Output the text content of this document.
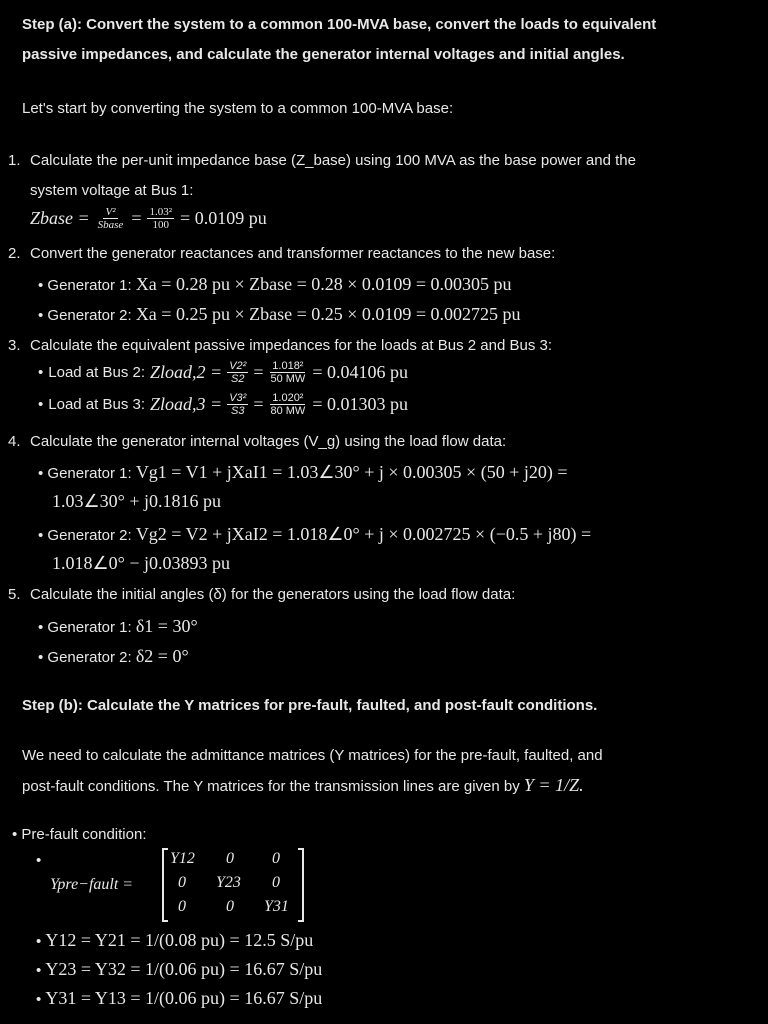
Step (a): Convert the system to a common 100-MVA base, convert the loads to equivalent
passive impedances, and calculate the generator internal voltages and initial angles.
Let's start by converting the system to a common 100-MVA base:
1. Calculate the per-unit impedance base (Z_base) using 100 MVA as the base power and the
system voltage at Bus 1:
Zbase = $\frac{\text{V²}}{\text{Sbase}} = \frac{\text{1.03²}}{100} = 0.0109$ pu
2. Convert the generator reactances and transformer reactances to the new base:
• Generator 1: Xa = 0.28 pu × Zbase = 0.28 × 0.0109 = 0.00305 pu
• Generator 2: Xa = 0.25 pu × Zbase = 0.25 × 0.0109 = 0.002725 pu
3. Calculate the equivalent passive impedances for the loads at Bus 2 and Bus 3:
• Load at Bus 2: Zload,2 = $\frac{\text{V2²}}{S2} = \frac{\text{1.018²}}{50 MW} = 0.04106$ pu
• Load at Bus 3: Zload,3 = $\frac{\text{V3²}}{S3} = \frac{\text{1.020²}}{80 MW} = 0.01303$ pu
4. Calculate the generator internal voltages (V_g) using the load flow data:
• Generator 1: Vg1 = V1 + jXaI1 = 1.03∠30° + j × 0.00305 × (50 + j20) =
1.03∠30° + j0.1816 pu
• Generator 2: Vg2 = V2 + jXaI2 = 1.018∠0° + j × 0.002725 × (−0.5 + j80) =
1.018∠0° − j0.03893 pu
5. Calculate the initial angles (δ) for the generators using the load flow data:
• Generator 1: δ1 = 30°
• Generator 2: δ2 = 0°
Step (b): Calculate the Y matrices for pre-fault, faulted, and post-fault conditions.
We need to calculate the admittance matrices (Y matrices) for the pre-fault, faulted, and
post-fault conditions. The Y matrices for the transmission lines are given by Y = 1/Z.
• Pre-fault condition:
•
Ypre−fault =
Y12 0 0
0 Y23 0
0	0 Y31
• Y12 = Y21 = 1/(0.08 pu) = 12.5 S/pu
• Y23 = Y32 = 1/(0.06 pu) = 16.67 S/pu
• Y31 = Y13 = 1/(0.06 pu) = 16.67 S/pu
